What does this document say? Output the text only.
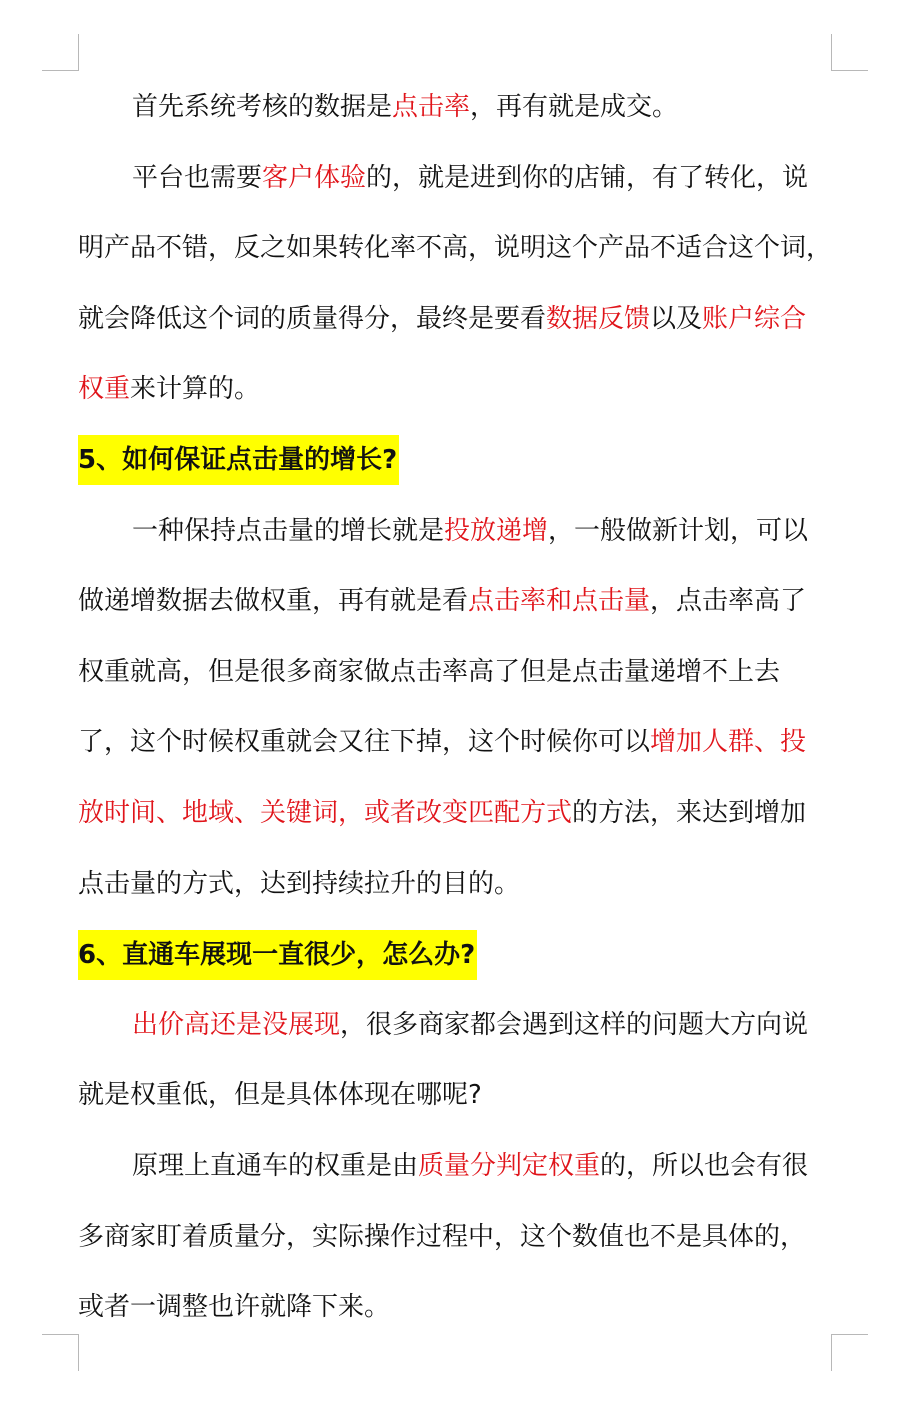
首先系统考核的数据是点击率，再有就是成交。
平台也需要客户体验的，就是进到你的店铺，有了转化，说
明产品不错，反之如果转化率不高，说明这个产品不适合这个词，
就会降低这个词的质量得分，最终是要看数据反馈以及账户综合
权重来计算的。
5、如何保证点击量的增长?
一种保持点击量的增长就是投放递增，一般做新计划，可以
做递增数据去做权重，再有就是看点击率和点击量，点击率高了
权重就高，但是很多商家做点击率高了但是点击量递增不上去
了，这个时候权重就会又往下掉，这个时候你可以增加人群、投
放时间、地域、关键词，或者改变匹配方式的方法，来达到增加
点击量的方式，达到持续拉升的目的。
6、直通车展现一直很少，怎么办?
出价高还是没展现，很多商家都会遇到这样的问题大方向说
就是权重低，但是具体体现在哪呢?
原理上直通车的权重是由质量分判定权重的，所以也会有很
多商家盯着质量分，实际操作过程中，这个数值也不是具体的，
或者一调整也许就降下来。
